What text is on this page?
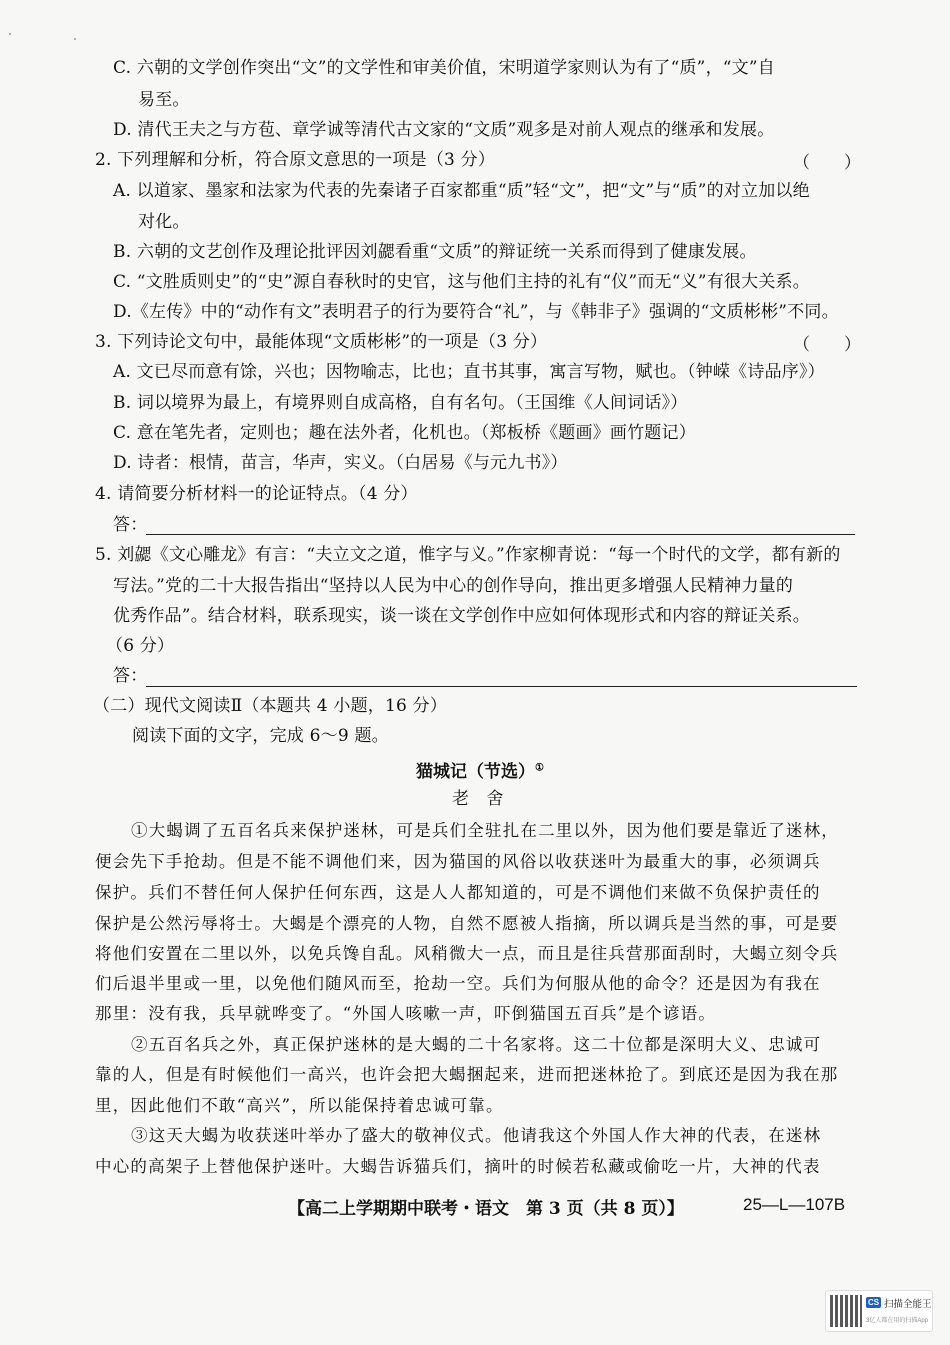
C. 六朝的文学创作突出“文”的文学性和审美价值，宋明道学家则认为有了“质”，“文”自
易至。
D. 清代王夫之与方苞、章学诚等清代古文家的“文质”观多是对前人观点的继承和发展。
2. 下列理解和分析，符合原文意思的一项是（3 分）	（　　）
A. 以道家、墨家和法家为代表的先秦诸子百家都重“质”轻“文”，把“文”与“质”的对立加以绝
对化。
B. 六朝的文艺创作及理论批评因刘勰看重“文质”的辩证统一关系而得到了健康发展。
C. “文胜质则史”的“史”源自春秋时的史官，这与他们主持的礼有“仪”而无“义”有很大关系。
D.《左传》中的“动作有文”表明君子的行为要符合“礼”，与《韩非子》强调的“文质彬彬”不同。
3. 下列诗论文句中，最能体现“文质彬彬”的一项是（3 分）	（　　）
A. 文已尽而意有馀，兴也；因物喻志，比也；直书其事，寓言写物，赋也。（钟嵘《诗品序》）
B. 词以境界为最上，有境界则自成高格，自有名句。（王国维《人间词话》）
C. 意在笔先者，定则也；趣在法外者，化机也。（郑板桥《题画》画竹题记）
D. 诗者：根情，苗言，华声，实义。（白居易《与元九书》）
4. 请简要分析材料一的论证特点。（4 分）
答：
5. 刘勰《文心雕龙》有言：“夫立文之道，惟字与义。”作家柳青说：“每一个时代的文学，都有新的
写法。”党的二十大报告指出“坚持以人民为中心的创作导向，推出更多增强人民精神力量的
优秀作品”。结合材料，联系现实，谈一谈在文学创作中应如何体现形式和内容的辩证关系。
（6 分）
答：
（二）现代文阅读Ⅱ（本题共 4 小题，16 分）
阅读下面的文字，完成 6～9 题。
猫城记（节选）①
老　舍
①大蝎调了五百名兵来保护迷林，可是兵们全驻扎在二里以外，因为他们要是靠近了迷林，
便会先下手抢劫。但是不能不调他们来，因为猫国的风俗以收获迷叶为最重大的事，必须调兵
保护。兵们不替任何人保护任何东西，这是人人都知道的，可是不调他们来做不负保护责任的
保护是公然污辱将士。大蝎是个漂亮的人物，自然不愿被人指摘，所以调兵是当然的事，可是要
将他们安置在二里以外，以免兵馋自乱。风稍微大一点，而且是往兵营那面刮时，大蝎立刻令兵
们后退半里或一里，以免他们随风而至，抢劫一空。兵们为何服从他的命令？还是因为有我在
那里：没有我，兵早就哗变了。“外国人咳嗽一声，吓倒猫国五百兵”是个谚语。
②五百名兵之外，真正保护迷林的是大蝎的二十名家将。这二十位都是深明大义、忠诚可
靠的人，但是有时候他们一高兴，也许会把大蝎捆起来，进而把迷林抢了。到底还是因为我在那
里，因此他们不敢“高兴”，所以能保持着忠诚可靠。
③这天大蝎为收获迷叶举办了盛大的敬神仪式。他请我这个外国人作大神的代表，在迷林
中心的高架子上替他保护迷叶。大蝎告诉猫兵们，摘叶的时候若私藏或偷吃一片，大神的代表
【高二上学期期中联考・语文　第 3 页（共 8 页）】	25—L—107B
CS 扫描全能王
3亿人都在用的扫描App
